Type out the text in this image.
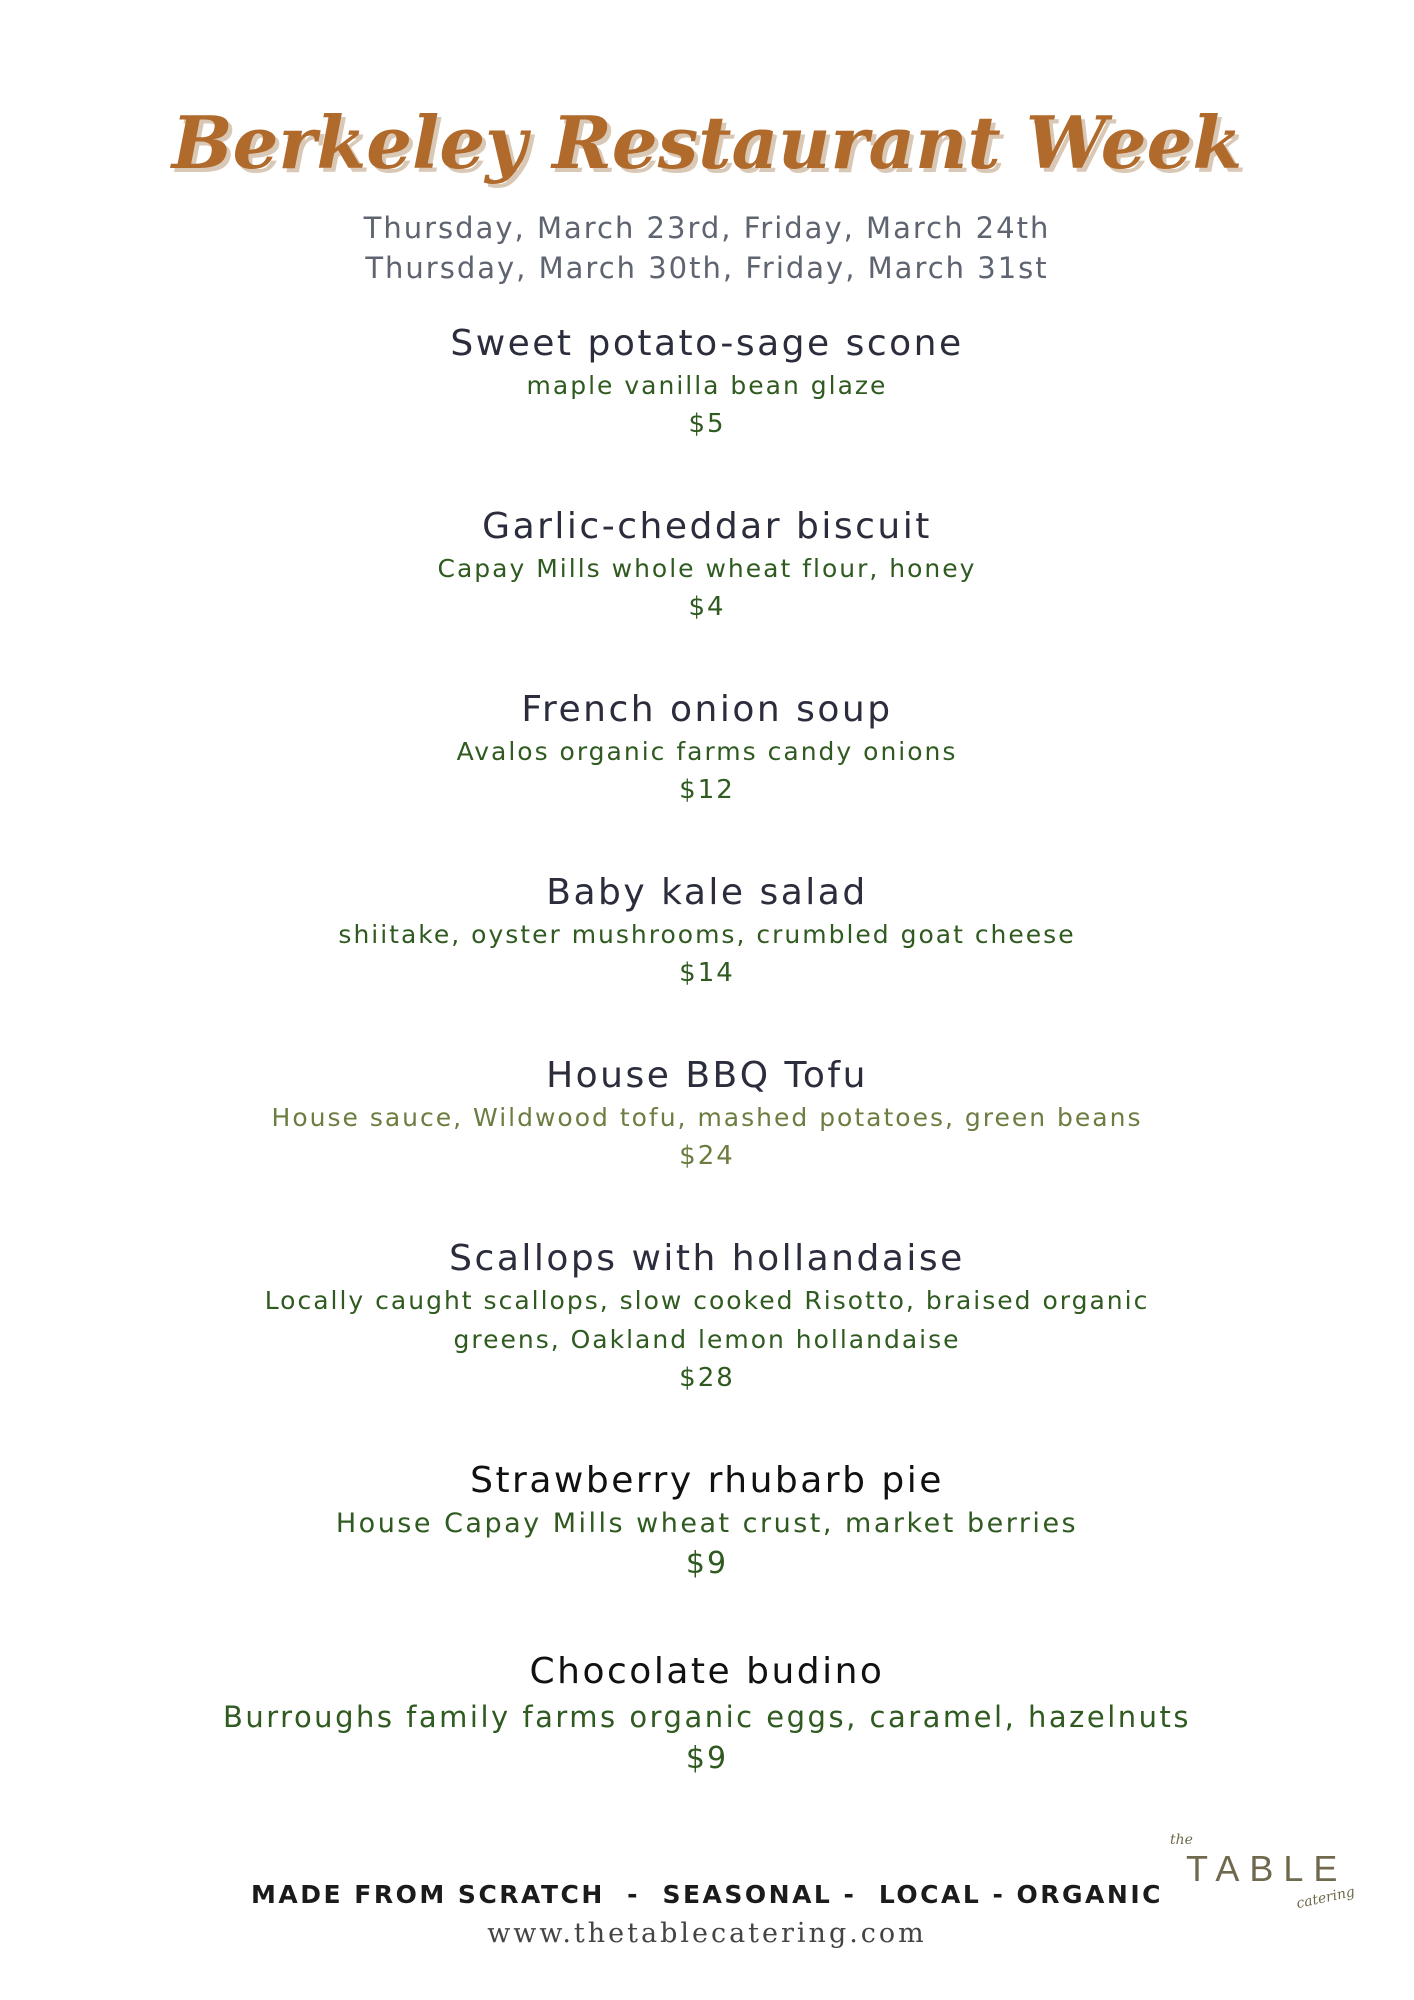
Berkeley Restaurant Week
Thursday, March 23rd, Friday, March 24th
Thursday, March 30th, Friday, March 31st
Sweet potato-sage scone
maple vanilla bean glaze
$5
Garlic-cheddar biscuit
Capay Mills whole wheat flour, honey
$4
French onion soup
Avalos organic farms candy onions
$12
Baby kale salad
shiitake, oyster mushrooms, crumbled goat cheese
$14
House BBQ Tofu
House sauce, Wildwood tofu, mashed potatoes, green beans
$24
Scallops with hollandaise
Locally caught scallops, slow cooked Risotto, braised organic
greens, Oakland lemon hollandaise
$28
Strawberry rhubarb pie
House Capay Mills wheat crust, market berries
$9
Chocolate budino
Burroughs family farms organic eggs, caramel, hazelnuts
$9
MADE FROM SCRATCH  -  SEASONAL -  LOCAL - ORGANIC
www.thetablecatering.com
the
TABLE
catering
